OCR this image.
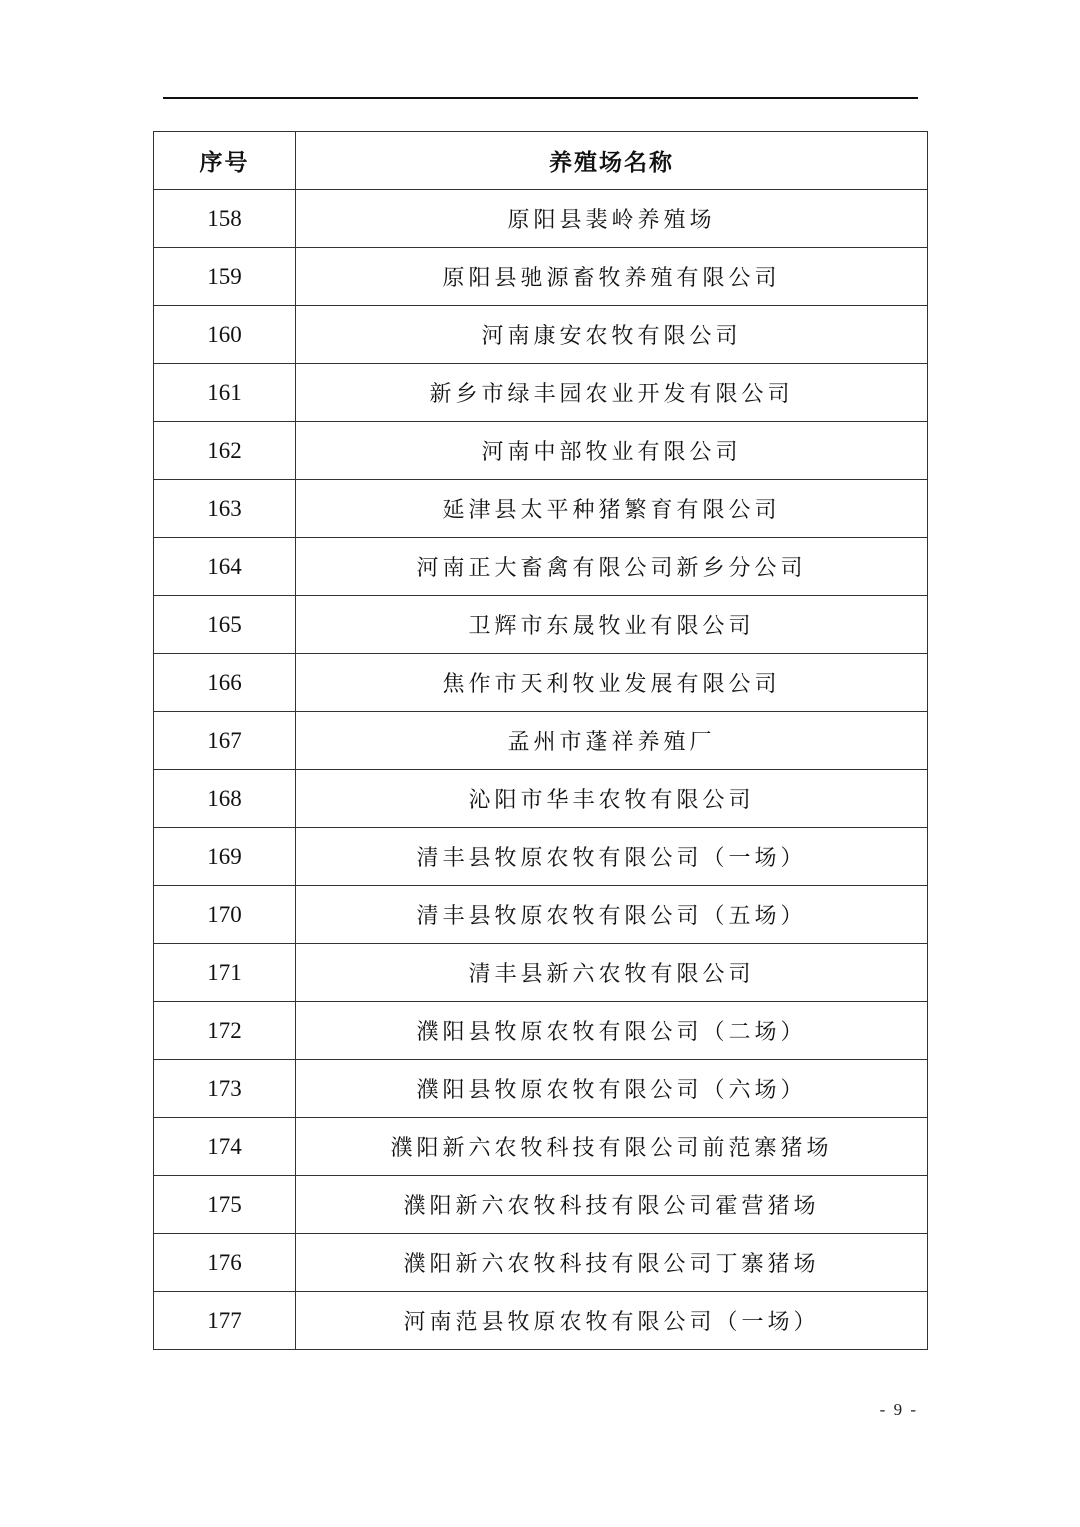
序号	养殖场名称
158	原阳县裴岭养殖场
159	原阳县驰源畜牧养殖有限公司
160	河南康安农牧有限公司
161	新乡市绿丰园农业开发有限公司
162	河南中部牧业有限公司
163	延津县太平种猪繁育有限公司
164	河南正大畜禽有限公司新乡分公司
165	卫辉市东晟牧业有限公司
166	焦作市天利牧业发展有限公司
167	孟州市蓬祥养殖厂
168	沁阳市华丰农牧有限公司
169	清丰县牧原农牧有限公司（一场）
170	清丰县牧原农牧有限公司（五场）
171	清丰县新六农牧有限公司
172	濮阳县牧原农牧有限公司（二场）
173	濮阳县牧原农牧有限公司（六场）
174	濮阳新六农牧科技有限公司前范寨猪场
175	濮阳新六农牧科技有限公司霍营猪场
176	濮阳新六农牧科技有限公司丁寨猪场
177	河南范县牧原农牧有限公司（一场）
- 9 -
